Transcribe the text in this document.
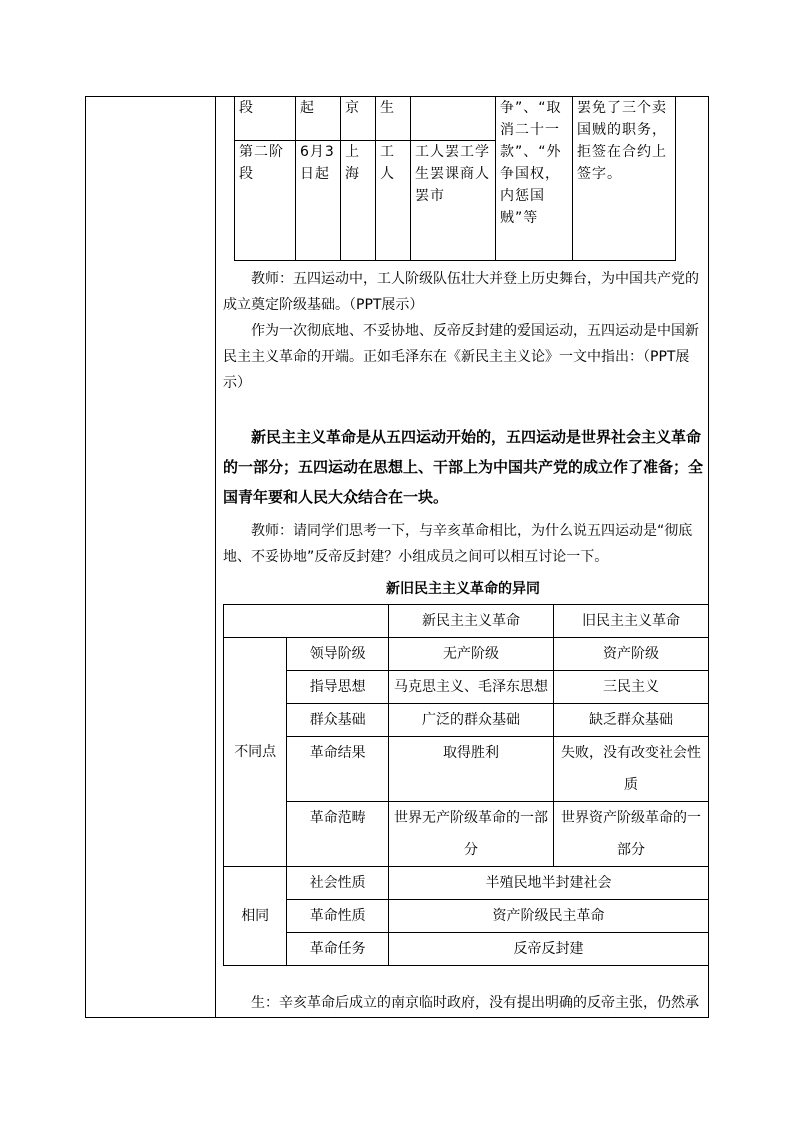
段	起	京	生		争”、“取消二十一款”、“外争国权，内惩国贼”等	罢免了三个卖国贼的职务，拒签在合约上签字。

第二阶段	6月3日起	上海	工人	工人罢工学生罢课商人罢市		

教师：五四运动中，工人阶级队伍壮大并登上历史舞台，为中国共产党的成立奠定阶级基础。（PPT展示）

作为一次彻底地、不妥协地、反帝反封建的爱国运动，五四运动是中国新民主主义革命的开端。正如毛泽东在《新民主主义论》一文中指出：（PPT展示）

新民主主义革命是从五四运动开始的，五四运动是世界社会主义革命的一部分；五四运动在思想上、干部上为中国共产党的成立作了准备；全国青年要和人民大众结合在一块。

教师：请同学们思考一下，与辛亥革命相比，为什么说五四运动是“彻底地、不妥协地”反帝反封建？小组成员之间可以相互讨论一下。

新旧民主主义革命的异同
		新民主主义革命	旧民主主义革命
不同点	领导阶级	无产阶级	资产阶级
	指导思想	马克思主义、毛泽东思想	三民主义
	群众基础	广泛的群众基础	缺乏群众基础
	革命结果	取得胜利	失败，没有改变社会性质
	革命范畴	世界无产阶级革命的一部分	世界资产阶级革命的一部分
相同	社会性质	半殖民地半封建社会	
	革命性质	资产阶级民主革命	
	革命任务	反帝反封建	

生：辛亥革命后成立的南京临时政府，没有提出明确的反帝主张，仍然承
